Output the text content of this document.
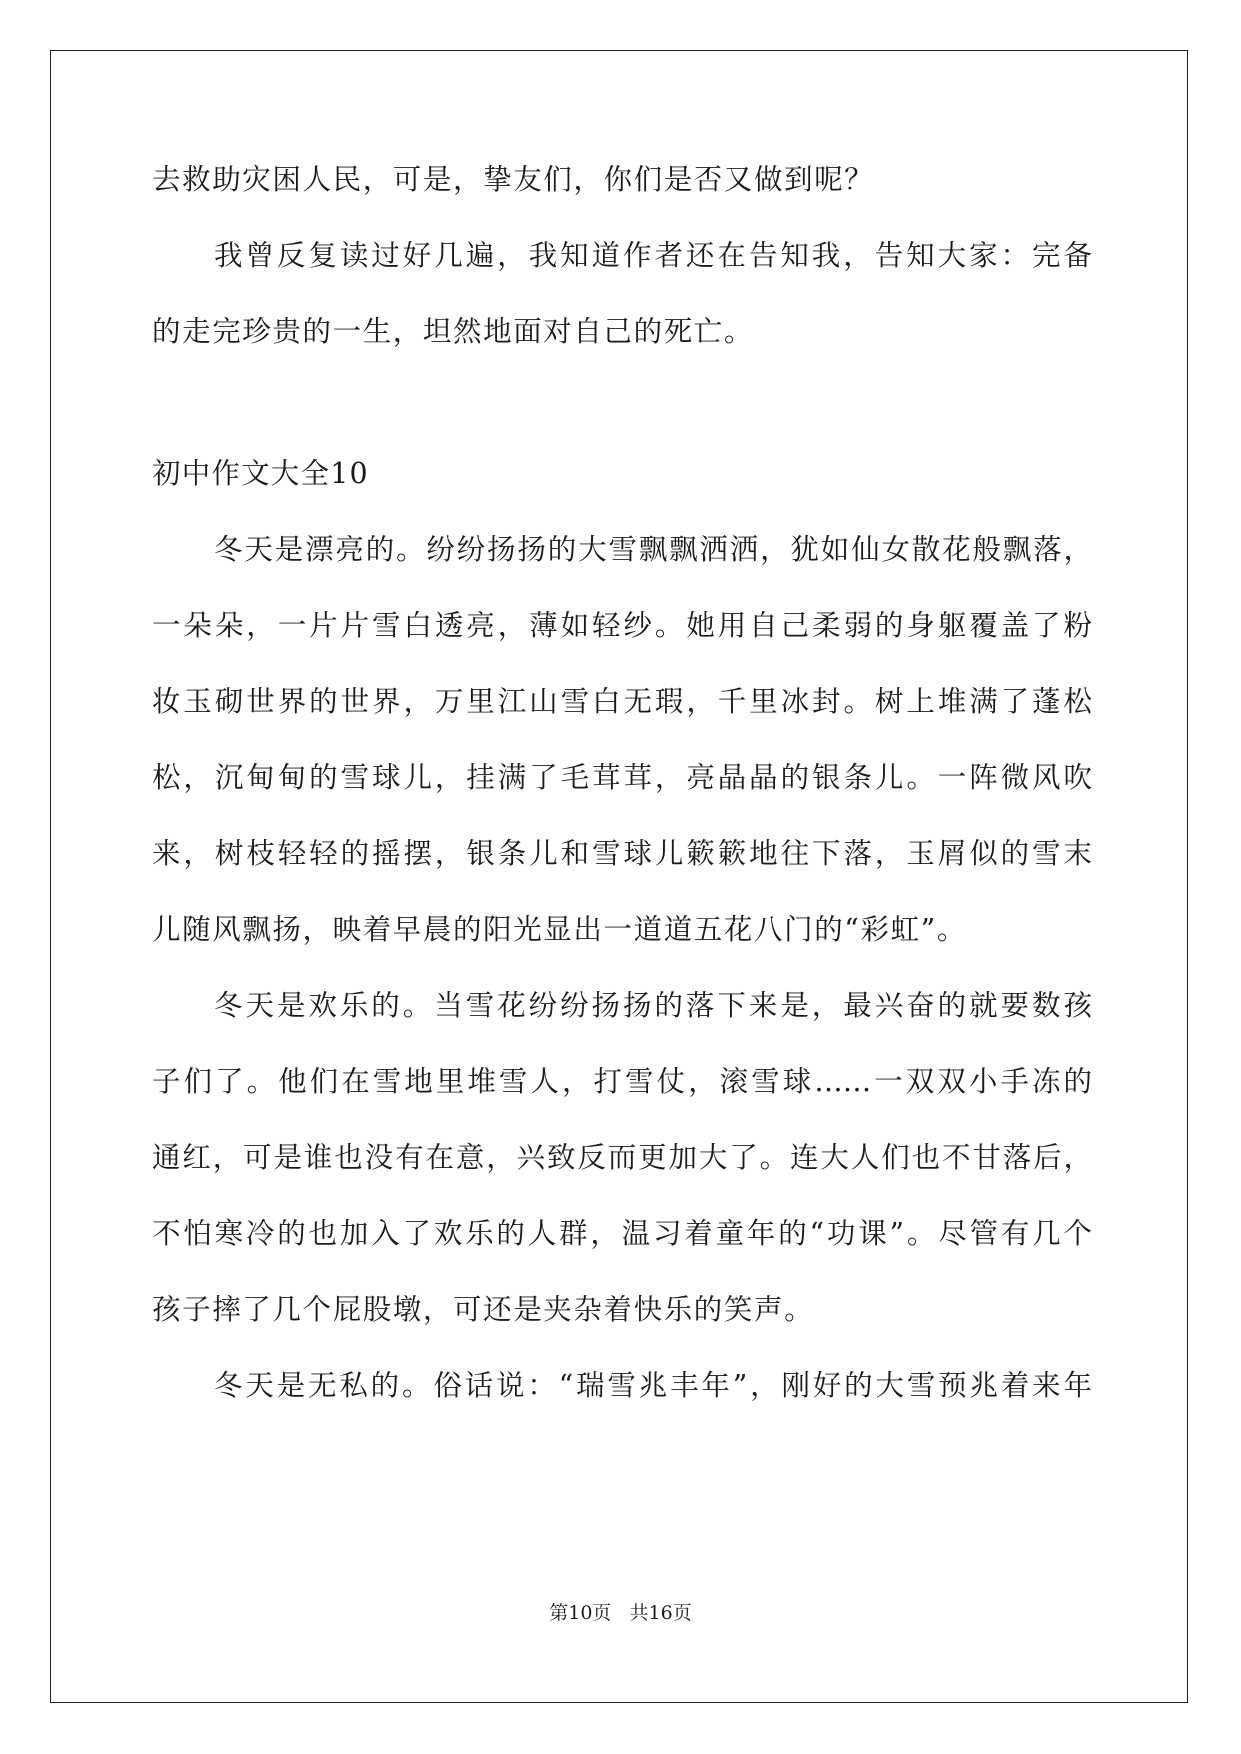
去救助灾困人民，可是，挚友们，你们是否又做到呢？
我曾反复读过好几遍，我知道作者还在告知我，告知大家：完备
的走完珍贵的一生，坦然地面对自己的死亡。
初中作文大全10
冬天是漂亮的。纷纷扬扬的大雪飘飘洒洒，犹如仙女散花般飘落，
一朵朵，一片片雪白透亮，薄如轻纱。她用自己柔弱的身躯覆盖了粉
妆玉砌世界的世界，万里江山雪白无瑕，千里冰封。树上堆满了蓬松
松，沉甸甸的雪球儿，挂满了毛茸茸，亮晶晶的银条儿。一阵微风吹
来，树枝轻轻的摇摆，银条儿和雪球儿簌簌地往下落，玉屑似的雪末
儿随风飘扬，映着早晨的阳光显出一道道五花八门的“彩虹”。
冬天是欢乐的。当雪花纷纷扬扬的落下来是，最兴奋的就要数孩
子们了。他们在雪地里堆雪人，打雪仗，滚雪球……一双双小手冻的
通红，可是谁也没有在意，兴致反而更加大了。连大人们也不甘落后，
不怕寒冷的也加入了欢乐的人群，温习着童年的“功课”。尽管有几个
孩子摔了几个屁股墩，可还是夹杂着快乐的笑声。
冬天是无私的。俗话说：“瑞雪兆丰年”，刚好的大雪预兆着来年
第10页   共16页
